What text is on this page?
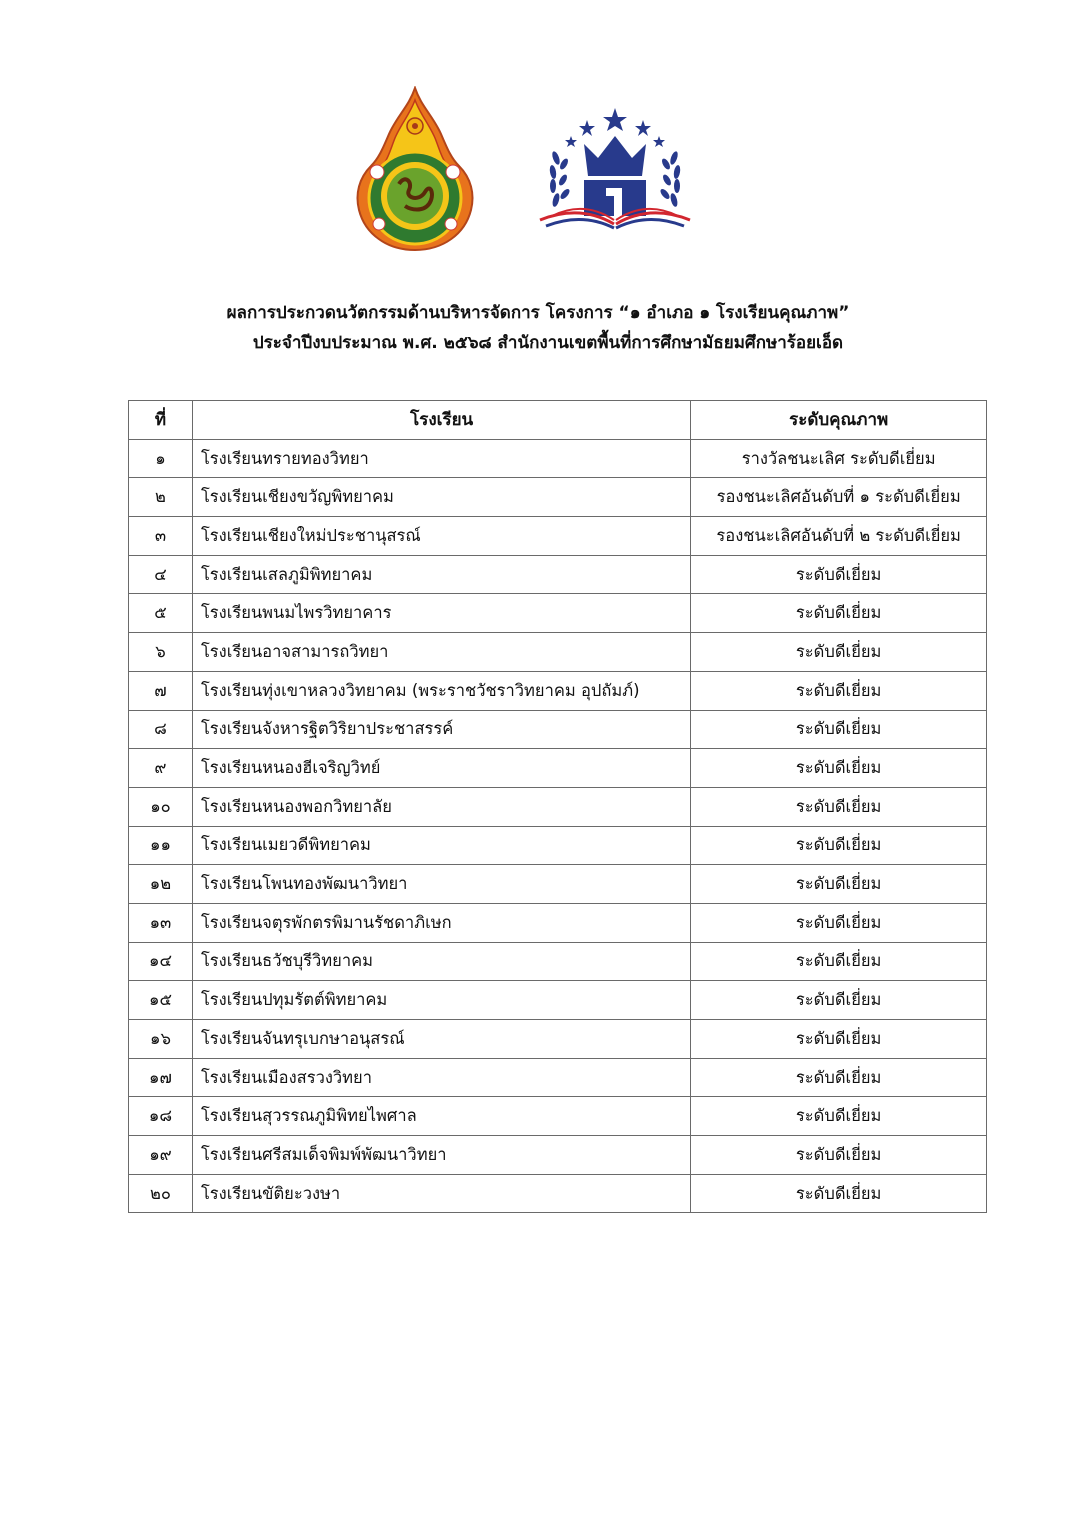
ผลการประกวดนวัตกรรมด้านบริหารจัดการ โครงการ “๑ อำเภอ ๑ โรงเรียนคุณภาพ”
ประจำปีงบประมาณ พ.ศ. ๒๕๖๘ สำนักงานเขตพื้นที่การศึกษามัธยมศึกษาร้อยเอ็ด
ที่	โรงเรียน	ระดับคุณภาพ
๑	โรงเรียนทรายทองวิทยา	รางวัลชนะเลิศ ระดับดีเยี่ยม
๒	โรงเรียนเชียงขวัญพิทยาคม	รองชนะเลิศอันดับที่ ๑ ระดับดีเยี่ยม
๓	โรงเรียนเชียงใหม่ประชานุสรณ์	รองชนะเลิศอันดับที่ ๒ ระดับดีเยี่ยม
๔	โรงเรียนเสลภูมิพิทยาคม	ระดับดีเยี่ยม
๕	โรงเรียนพนมไพรวิทยาคาร	ระดับดีเยี่ยม
๖	โรงเรียนอาจสามารถวิทยา	ระดับดีเยี่ยม
๗	โรงเรียนทุ่งเขาหลวงวิทยาคม (พระราชวัชราวิทยาคม อุปถัมภ์)	ระดับดีเยี่ยม
๘	โรงเรียนจังหารฐิตวิริยาประชาสรรค์	ระดับดีเยี่ยม
๙	โรงเรียนหนองฮีเจริญวิทย์	ระดับดีเยี่ยม
๑๐	โรงเรียนหนองพอกวิทยาลัย	ระดับดีเยี่ยม
๑๑	โรงเรียนเมยวดีพิทยาคม	ระดับดีเยี่ยม
๑๒	โรงเรียนโพนทองพัฒนาวิทยา	ระดับดีเยี่ยม
๑๓	โรงเรียนจตุรพักตรพิมานรัชดาภิเษก	ระดับดีเยี่ยม
๑๔	โรงเรียนธวัชบุรีวิทยาคม	ระดับดีเยี่ยม
๑๕	โรงเรียนปทุมรัตต์พิทยาคม	ระดับดีเยี่ยม
๑๖	โรงเรียนจันทรุเบกษาอนุสรณ์	ระดับดีเยี่ยม
๑๗	โรงเรียนเมืองสรวงวิทยา	ระดับดีเยี่ยม
๑๘	โรงเรียนสุวรรณภูมิพิทยไพศาล	ระดับดีเยี่ยม
๑๙	โรงเรียนศรีสมเด็จพิมพ์พัฒนาวิทยา	ระดับดีเยี่ยม
๒๐	โรงเรียนขัติยะวงษา	ระดับดีเยี่ยม
